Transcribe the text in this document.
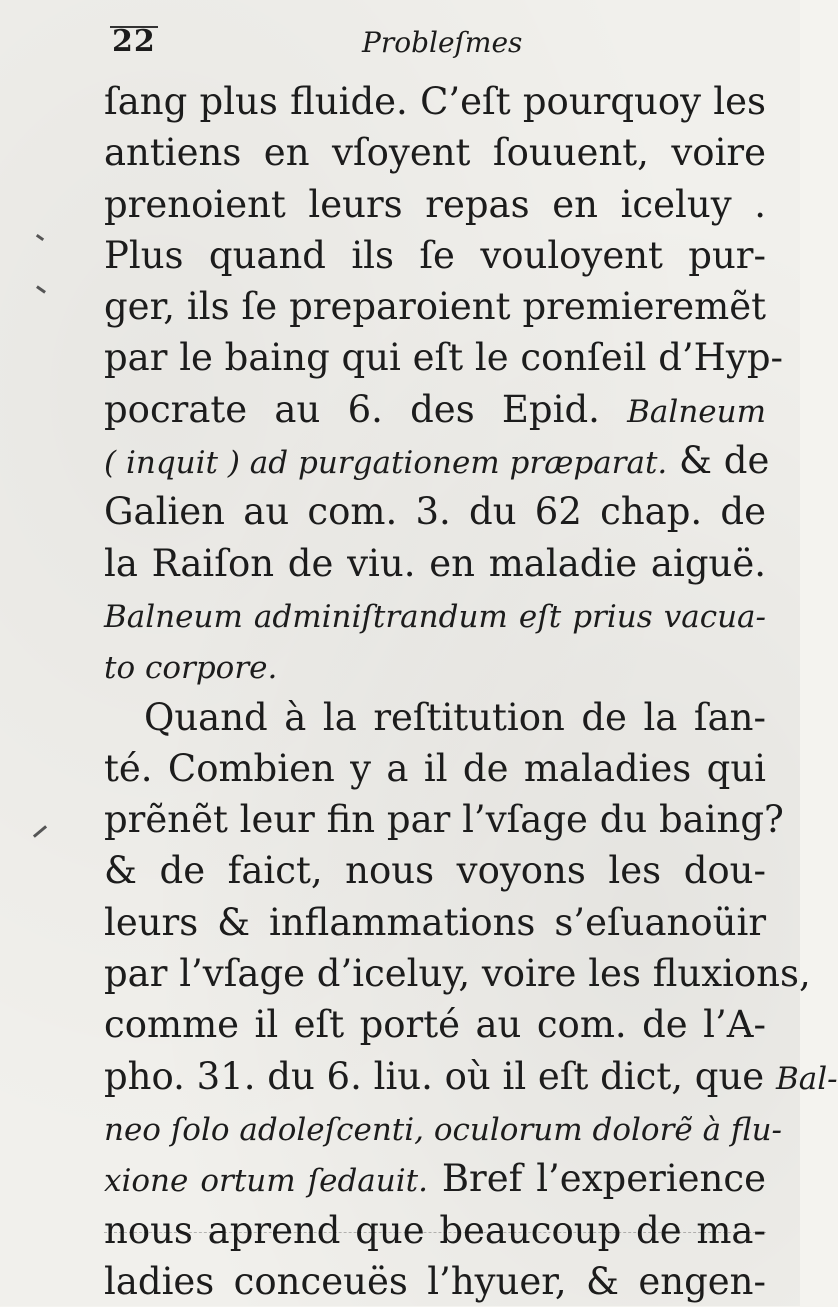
22	Probleſmes
ſang plus fluide. C’eſt pourquoy les
antiens en vſoyent ſouuent, voire
prenoient leurs repas en iceluy .
Plus quand ils ſe vouloyent pur-
ger, ils ſe preparoient premieremẽt
par le baing qui eſt le conſeil d’Hyp-
pocrate au 6. des Epid. Balneum
( inquit ) ad purgationem præparat. & de
Galien au com. 3. du 62 chap. de
la Raiſon de viu. en maladie aiguë.
Balneum adminiſtrandum eſt prius vacua-
to corpore.
Quand à la reſtitution de la ſan-
té. Combien y a il de maladies qui
prẽnẽt leur fin par l’vſage du baing?
& de faict, nous voyons les dou-
leurs & inflammations s’eſuanoüir
par l’vſage d’iceluy, voire les fluxions,
comme il eſt porté au com. de l’A-
pho. 31. du 6. liu. où il eſt dict, que Bal-
neo ſolo adoleſcenti, oculorum dolorẽ à flu-
xione ortum ſedauit. Bref l’experience
nous aprend que beaucoup de ma-
ladies conceuës l’hyuer, & engen-
